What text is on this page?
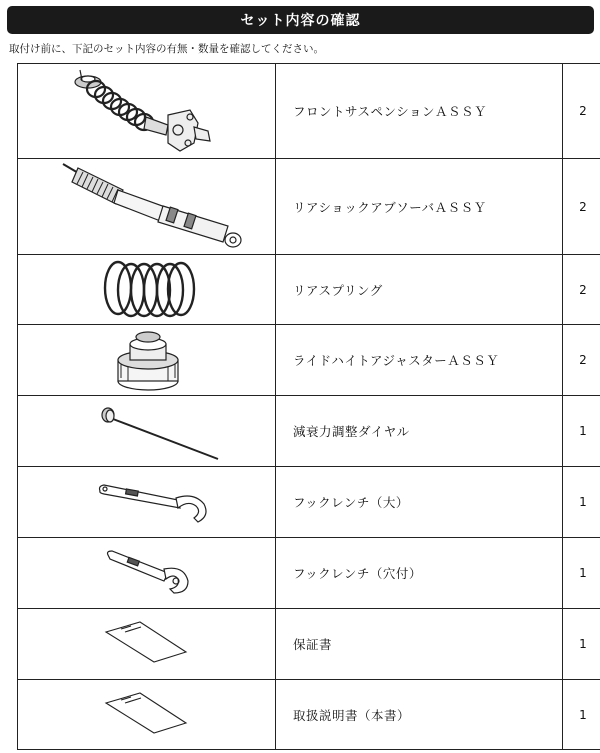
セット内容の確認
取付け前に、下記のセット内容の有無・数量を確認してください。
	フロントサスペンションＡＳＳＹ	2

	リアショックアブソーバＡＳＳＹ	2

	リアスプリング	2

	ライドハイトアジャスターＡＳＳＹ	2

	減衰力調整ダイヤル	1

	フックレンチ（大）	1

	フックレンチ（穴付）	1

	保証書	1

	取扱説明書（本書）	1
